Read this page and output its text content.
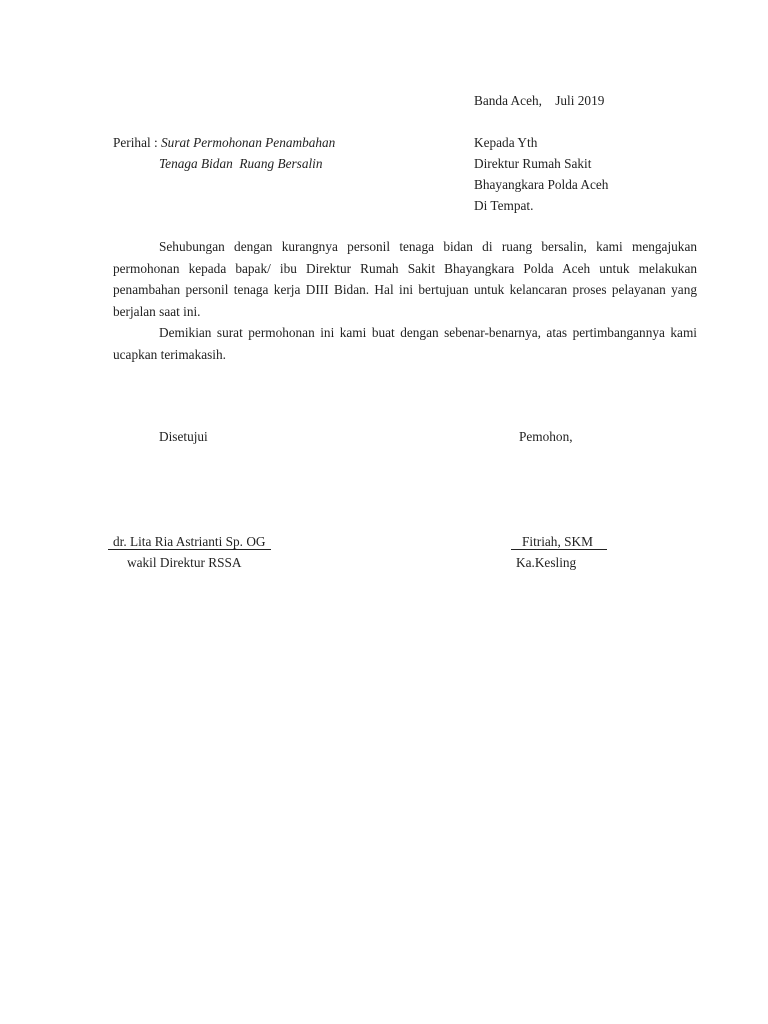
Banda Aceh,    Juli 2019
Perihal : Surat Permohonan Penambahan
Tenaga Bidan  Ruang Bersalin
Kepada Yth
Direktur Rumah Sakit
Bhayangkara Polda Aceh
Di Tempat.

Sehubungan dengan kurangnya personil tenaga bidan di ruang bersalin, kami mengajukan permohonan kepada bapak/ ibu Direktur Rumah Sakit Bhayangkara Polda Aceh untuk melakukan penambahan personil tenaga kerja DIII Bidan. Hal ini bertujuan untuk kelancaran proses pelayanan yang berjalan saat ini.

Demikian surat permohonan ini kami buat dengan sebenar-benarnya, atas pertimbangannya kami ucapkan terimakasih.

Disetujui	Pemohon,
dr. Lita Ria Astrianti Sp. OG
wakil Direktur RSSA
Fitriah, SKM
Ka.Kesling
